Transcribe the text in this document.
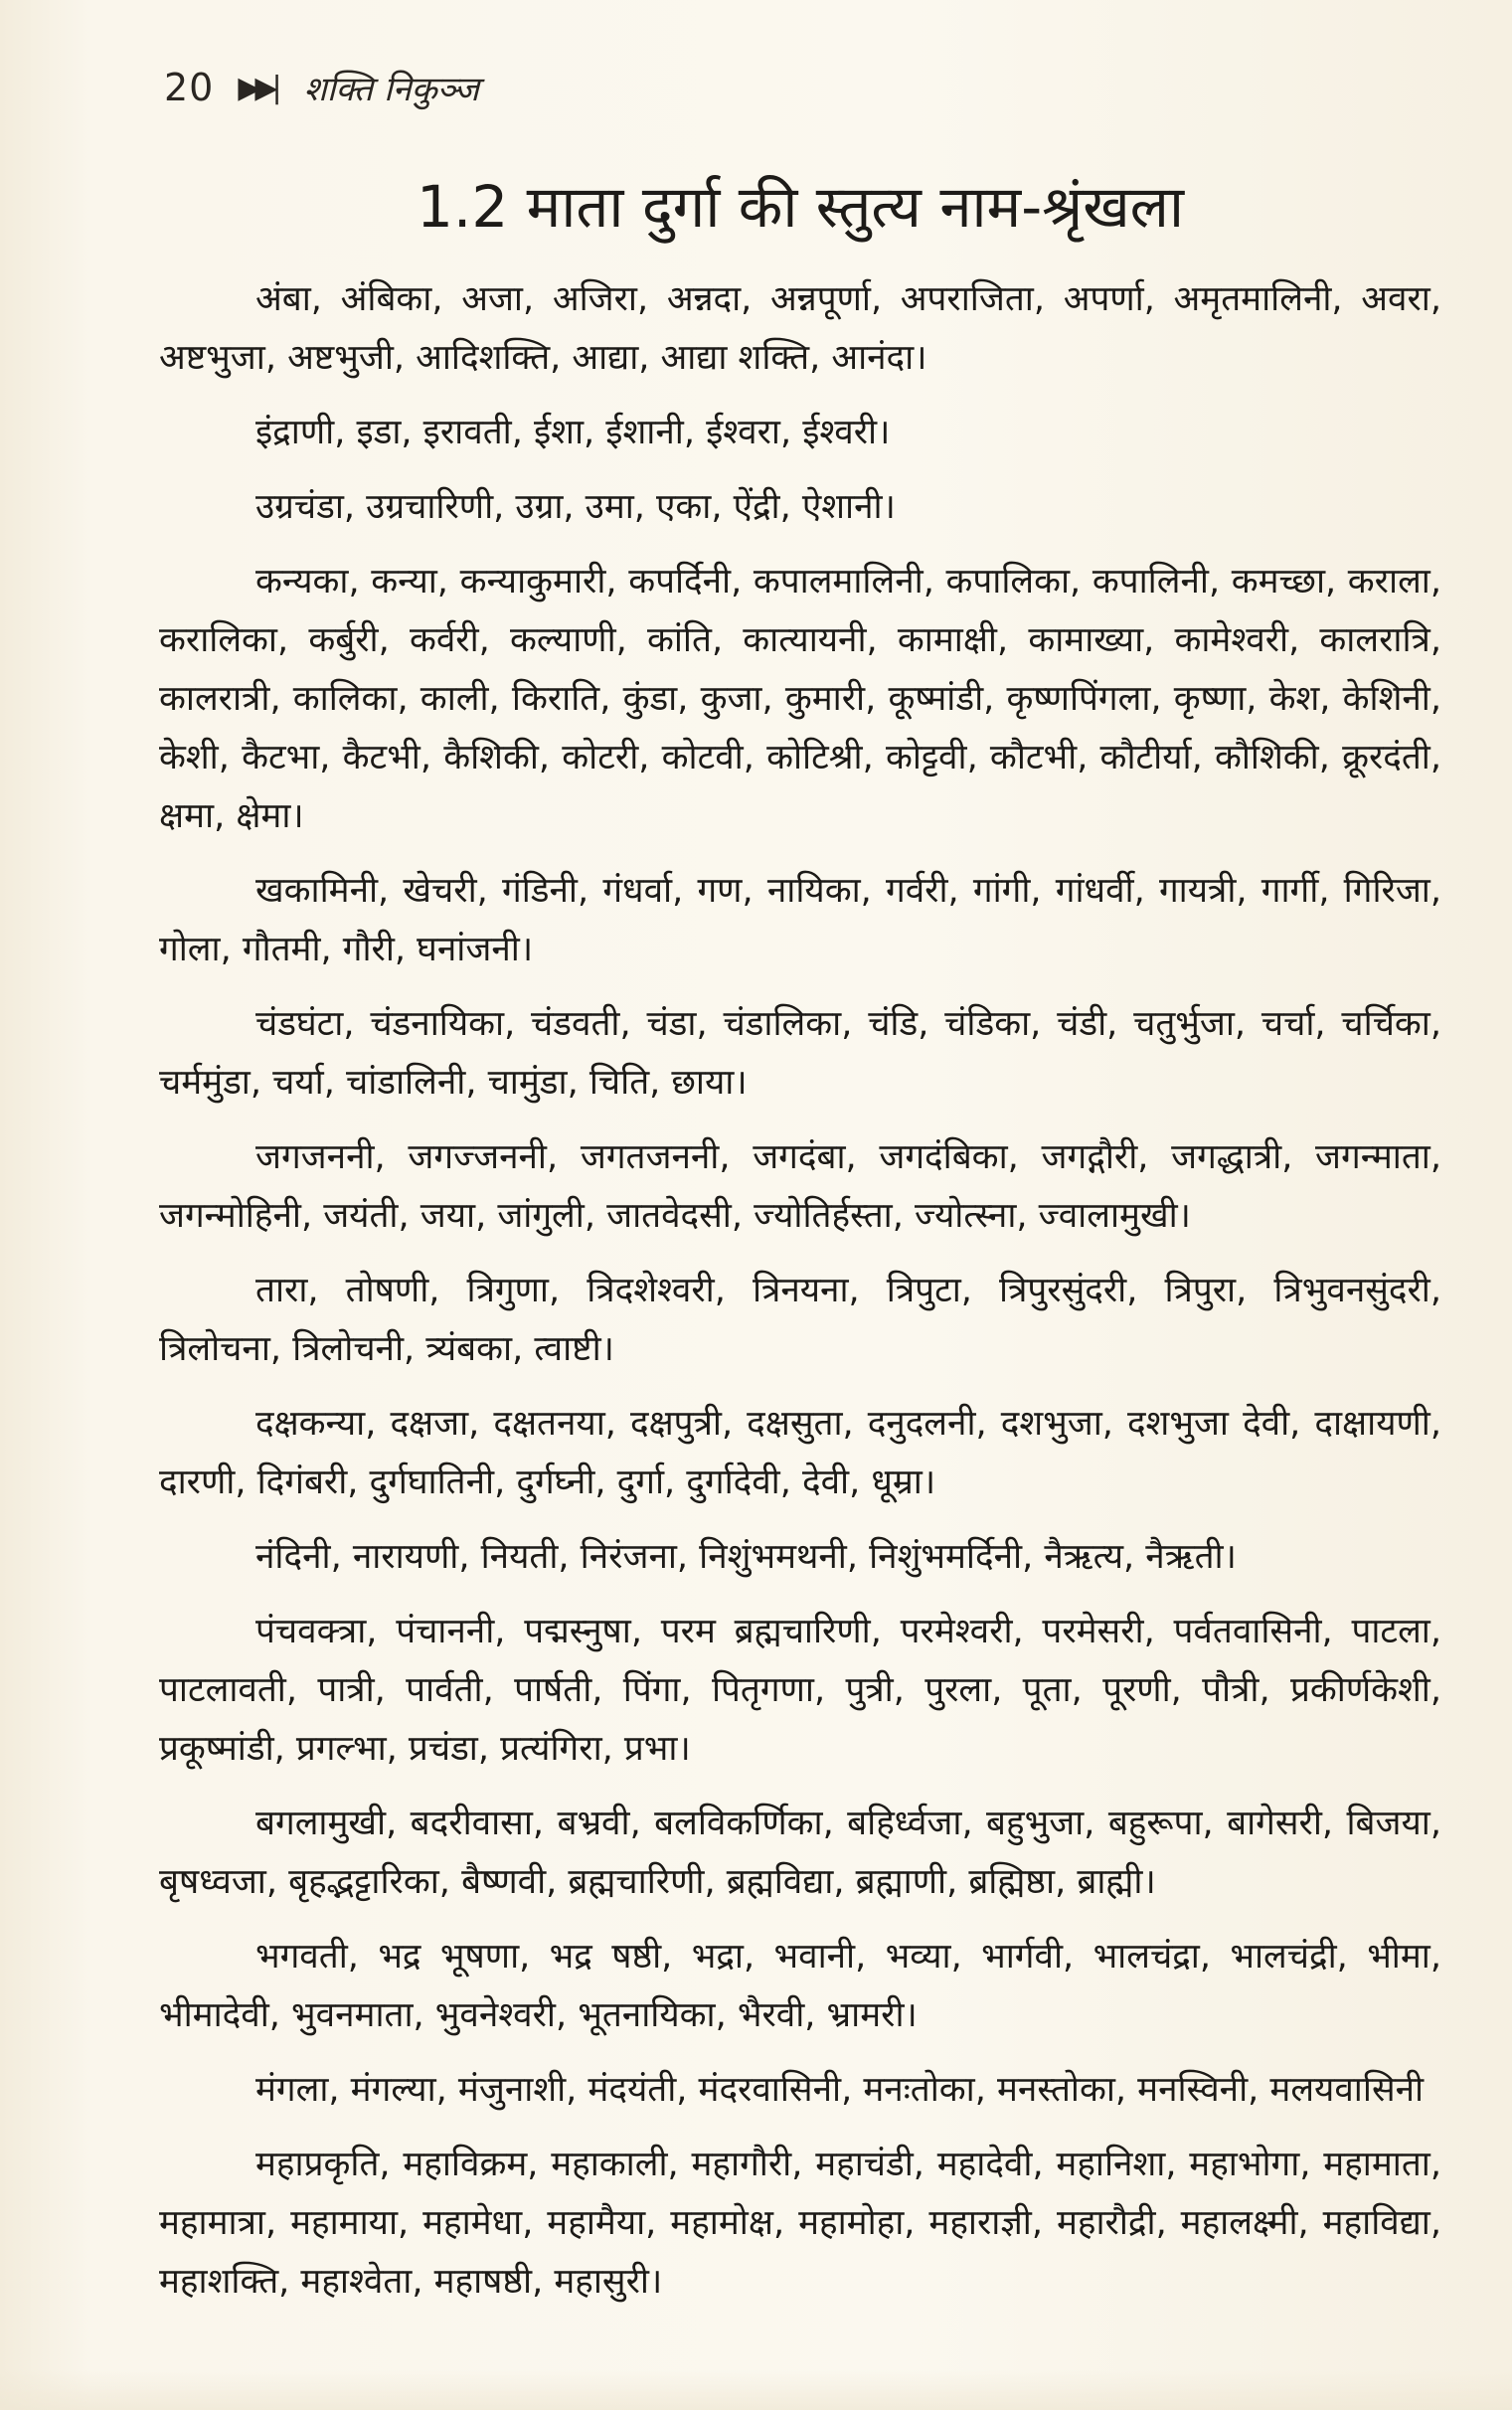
20 ▶▶| शक्ति निकुञ्ज
1.2 माता दुर्गा की स्तुत्य नाम-श्रृंखला

अंबा, अंबिका, अजा, अजिरा, अन्नदा, अन्नपूर्णा, अपराजिता, अपर्णा, अमृतमालिनी, अवरा, अष्टभुजा, अष्टभुजी, आदिशक्ति, आद्या, आद्या शक्ति, आनंदा।

इंद्राणी, इडा, इरावती, ईशा, ईशानी, ईश्वरा, ईश्वरी।

उग्रचंडा, उग्रचारिणी, उग्रा, उमा, एका, ऐंद्री, ऐशानी।

कन्यका, कन्या, कन्याकुमारी, कपर्दिनी, कपालमालिनी, कपालिका, कपालिनी, कमच्छा, कराला, करालिका, कर्बुरी, कर्वरी, कल्याणी, कांति, कात्यायनी, कामाक्षी, कामाख्या, कामेश्वरी, कालरात्रि, कालरात्री, कालिका, काली, किराति, कुंडा, कुजा, कुमारी, कूष्मांडी, कृष्णपिंगला, कृष्णा, केश, केशिनी, केशी, कैटभा, कैटभी, कैशिकी, कोटरी, कोटवी, कोटिश्री, कोट्टवी, कौटभी, कौटीर्या, कौशिकी, क्रूरदंती, क्षमा, क्षेमा।

खकामिनी, खेचरी, गंडिनी, गंधर्वा, गण, नायिका, गर्वरी, गांगी, गांधर्वी, गायत्री, गार्गी, गिरिजा, गोला, गौतमी, गौरी, घनांजनी।

चंडघंटा, चंडनायिका, चंडवती, चंडा, चंडालिका, चंडि, चंडिका, चंडी, चतुर्भुजा, चर्चा, चर्चिका, चर्ममुंडा, चर्या, चांडालिनी, चामुंडा, चिति, छाया।

जगजननी, जगज्जननी, जगतजननी, जगदंबा, जगदंबिका, जगद्गौरी, जगद्धात्री, जगन्माता, जगन्मोहिनी, जयंती, जया, जांगुली, जातवेदसी, ज्योतिर्हस्ता, ज्योत्स्ना, ज्वालामुखी।

तारा, तोषणी, त्रिगुणा, त्रिदशेश्वरी, त्रिनयना, त्रिपुटा, त्रिपुरसुंदरी, त्रिपुरा, त्रिभुवनसुंदरी, त्रिलोचना, त्रिलोचनी, त्र्यंबका, त्वाष्टी।

दक्षकन्या, दक्षजा, दक्षतनया, दक्षपुत्री, दक्षसुता, दनुदलनी, दशभुजा, दशभुजा देवी, दाक्षायणी, दारणी, दिगंबरी, दुर्गघातिनी, दुर्गघ्नी, दुर्गा, दुर्गादेवी, देवी, धूम्रा।

नंदिनी, नारायणी, नियती, निरंजना, निशुंभमथनी, निशुंभमर्दिनी, नैऋत्य, नैऋती।

पंचवक्त्रा, पंचाननी, पद्मस्नुषा, परम ब्रह्मचारिणी, परमेश्वरी, परमेसरी, पर्वतवासिनी, पाटला, पाटलावती, पात्री, पार्वती, पार्षती, पिंगा, पितृगणा, पुत्री, पुरला, पूता, पूरणी, पौत्री, प्रकीर्णकेशी, प्रकूष्मांडी, प्रगल्भा, प्रचंडा, प्रत्यंगिरा, प्रभा।

बगलामुखी, बदरीवासा, बभ्रवी, बलविकर्णिका, बहिर्ध्वजा, बहुभुजा, बहुरूपा, बागेसरी, बिजया, बृषध्वजा, बृहद्भट्टारिका, बैष्णवी, ब्रह्मचारिणी, ब्रह्मविद्या, ब्रह्माणी, ब्रह्मिष्ठा, ब्राह्मी।

भगवती, भद्र भूषणा, भद्र षष्ठी, भद्रा, भवानी, भव्या, भार्गवी, भालचंद्रा, भालचंद्री, भीमा, भीमादेवी, भुवनमाता, भुवनेश्वरी, भूतनायिका, भैरवी, भ्रामरी।

मंगला, मंगल्या, मंजुनाशी, मंदयंती, मंदरवासिनी, मनःतोका, मनस्तोका, मनस्विनी, मलयवासिनी

महाप्रकृति, महाविक्रम, महाकाली, महागौरी, महाचंडी, महादेवी, महानिशा, महाभोगा, महामाता, महामात्रा, महामाया, महामेधा, महामैया, महामोक्ष, महामोहा, महाराज्ञी, महारौद्री, महालक्ष्मी, महाविद्या, महाशक्ति, महाश्वेता, महाषष्ठी, महासुरी।
